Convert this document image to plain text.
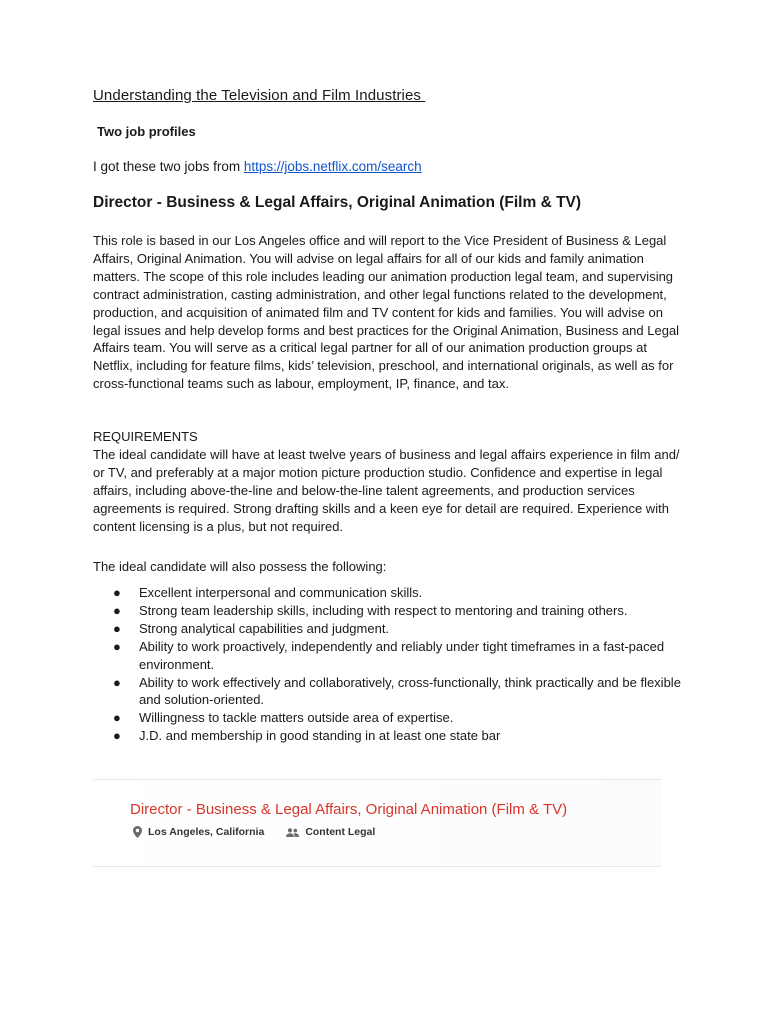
Understanding the Television and Film Industries
Two job profiles
I got these two jobs from https://jobs.netflix.com/search
Director - Business & Legal Affairs, Original Animation (Film & TV)

This role is based in our Los Angeles office and will report to the Vice President of Business & Legal Affairs, Original Animation. You will advise on legal affairs for all of our kids and family animation matters. The scope of this role includes leading our animation production legal team, and supervising contract administration, casting administration, and other legal functions related to the development, production, and acquisition of animated film and TV content for kids and families. You will advise on legal issues and help develop forms and best practices for the Original Animation, Business and Legal Affairs team. You will serve as a critical legal partner for all of our animation production groups at Netflix, including for feature films, kids’ television, preschool, and international originals, as well as for cross-functional teams such as labour, employment, IP, finance, and tax.

REQUIREMENTS

The ideal candidate will have at least twelve years of business and legal affairs experience in film and/ or TV, and preferably at a major motion picture production studio. Confidence and expertise in legal affairs, including above-the-line and below-the-line talent agreements, and production services agreements is required. Strong drafting skills and a keen eye for detail are required. Experience with content licensing is a plus, but not required.

The ideal candidate will also possess the following:

● Excellent interpersonal and communication skills.
● Strong team leadership skills, including with respect to mentoring and training others.
● Strong analytical capabilities and judgment.
● Ability to work proactively, independently and reliably under tight timeframes in a fast-paced environment.
● Ability to work effectively and collaboratively, cross-functionally, think practically and be flexible and solution-oriented.
● Willingness to tackle matters outside area of expertise.
● J.D. and membership in good standing in at least one state bar
Director - Business & Legal Affairs, Original Animation (Film & TV)
Los Angeles, California	Content Legal
